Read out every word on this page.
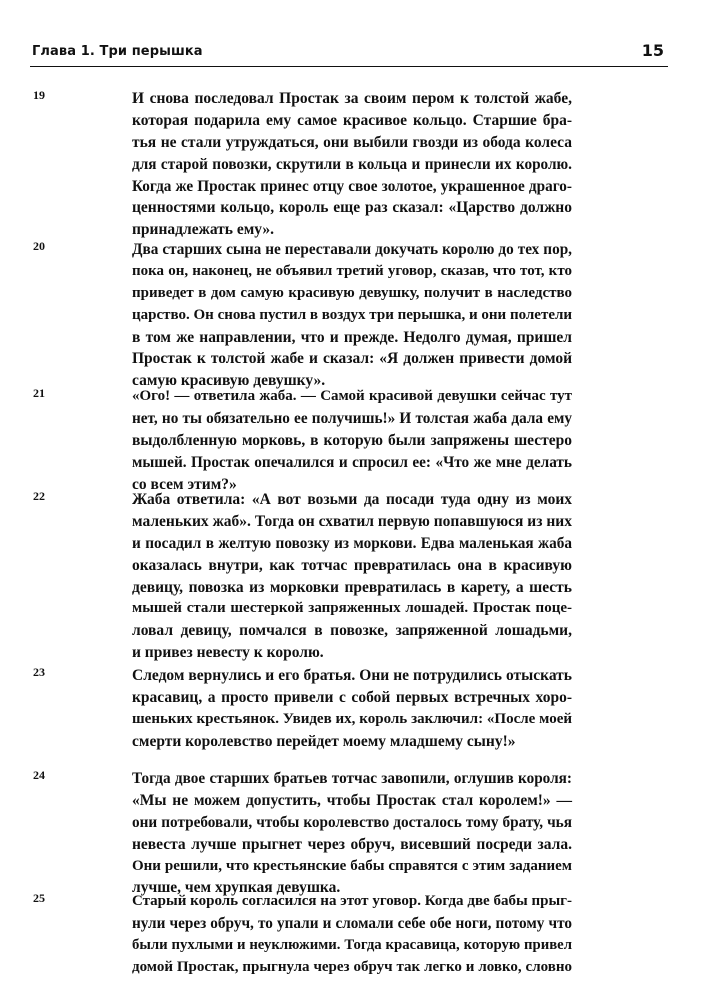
Глава 1. Три перышка	15
19	И снова последовал Простак за своим пером к толстой жабе,
которая подарила ему самое красивое кольцо. Старшие бра-
тья не стали утруждаться, они выбили гвозди из обода колеса
для старой повозки, скрутили в кольца и принесли их королю.
Когда же Простак принес отцу свое золотое, украшенное драго-
ценностями кольцо, король еще раз сказал: «Царство должно
принадлежать ему».
20	Два старших сына не переставали докучать королю до тех пор,
пока он, наконец, не объявил третий уговор, сказав, что тот, кто
приведет в дом самую красивую девушку, получит в наследство
царство. Он снова пустил в воздух три перышка, и они полетели
в том же направлении, что и прежде. Недолго думая, пришел
Простак к толстой жабе и сказал: «Я должен привести домой
самую красивую девушку».
21	«Ого! — ответила жаба. — Самой красивой девушки сейчас тут
нет, но ты обязательно ее получишь!» И толстая жаба дала ему
выдолбленную морковь, в которую были запряжены шестеро
мышей. Простак опечалился и спросил ее: «Что же мне делать
со всем этим?»
22	Жаба ответила: «А вот возьми да посади туда одну из моих
маленьких жаб». Тогда он схватил первую попавшуюся из них
и посадил в желтую повозку из моркови. Едва маленькая жаба
оказалась внутри, как тотчас превратилась она в красивую
девицу, повозка из морковки превратилась в карету, а шесть
мышей стали шестеркой запряженных лошадей. Простак поце-
ловал девицу, помчался в повозке, запряженной лошадьми,
и привез невесту к королю.
23	Следом вернулись и его братья. Они не потрудились отыскать
красавиц, а просто привели с собой первых встречных хоро-
шеньких крестьянок. Увидев их, король заключил: «После моей
смерти королевство перейдет моему младшему сыну!»
24	Тогда двое старших братьев тотчас завопили, оглушив короля:
«Мы не можем допустить, чтобы Простак стал королем!» —
они потребовали, чтобы королевство досталось тому брату, чья
невеста лучше прыгнет через обруч, висевший посреди зала.
Они решили, что крестьянские бабы справятся с этим заданием
лучше, чем хрупкая девушка.
25	Старый король согласился на этот уговор. Когда две бабы прыг-
нули через обруч, то упали и сломали себе обе ноги, потому что
были пухлыми и неуклюжими. Тогда красавица, которую привел
домой Простак, прыгнула через обруч так легко и ловко, словно
